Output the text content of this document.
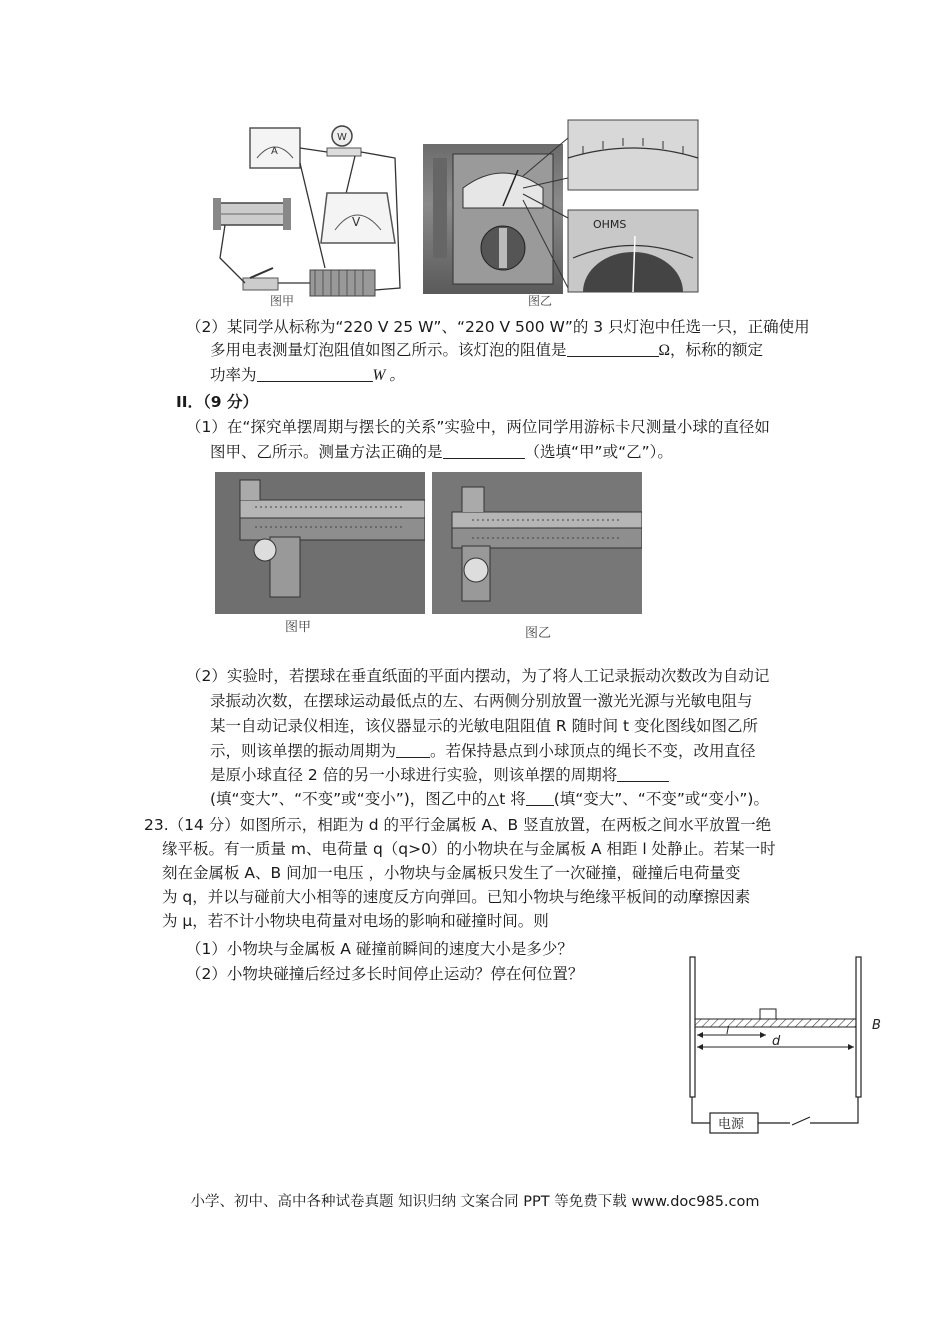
A
W
V
图甲
OHMS
图乙
（2）某同学从标称为“220 V 25 W”、“220 V 500 W”的 3 只灯泡中任选一只，正确使用
多用电表测量灯泡阻值如图乙所示。该灯泡的阻值是	Ω，标称的额定
功率为	W 。
II．（9 分）
（1）在“探究单摆周期与摆长的关系”实验中，两位同学用游标卡尺测量小球的直径如
图甲、乙所示。测量方法正确的是	（选填“甲”或“乙”）。
图甲	图乙
（2）实验时，若摆球在垂直纸面的平面内摆动，为了将人工记录振动次数改为自动记
录振动次数，在摆球运动最低点的左、右两侧分别放置一激光光源与光敏电阻与
某一自动记录仪相连，该仪器显示的光敏电阻阻值 R 随时间 t 变化图线如图乙所
示，则该单摆的振动周期为 。若保持悬点到小球顶点的绳长不变，改用直径
是原小球直径 2 倍的另一小球进行实验，则该单摆的周期将
(填“变大”、“不变”或“变小”)，图乙中的△t 将 (填“变大”、“不变”或“变小”)。
23.（14 分）如图所示，相距为 d 的平行金属板 A、B 竖直放置，在两板之间水平放置一绝
缘平板。有一质量 m、电荷量 q（q>0）的小物块在与金属板 A 相距 l 处静止。若某一时
刻在金属板 A、B 间加一电压 ，小物块与金属板只发生了一次碰撞，碰撞后电荷量变
为 q，并以与碰前大小相等的速度反方向弹回。已知小物块与绝缘平板间的动摩擦因素
为 μ，若不计小物块电荷量对电场的影响和碰撞时间。则
（1）小物块与金属板 A 碰撞前瞬间的速度大小是多少？
（2）小物块碰撞后经过多长时间停止运动？停在何位置？
l
d
B
电源
小学、初中、高中各种试卷真题 知识归纳 文案合同 PPT 等免费下载 www.doc985.com
